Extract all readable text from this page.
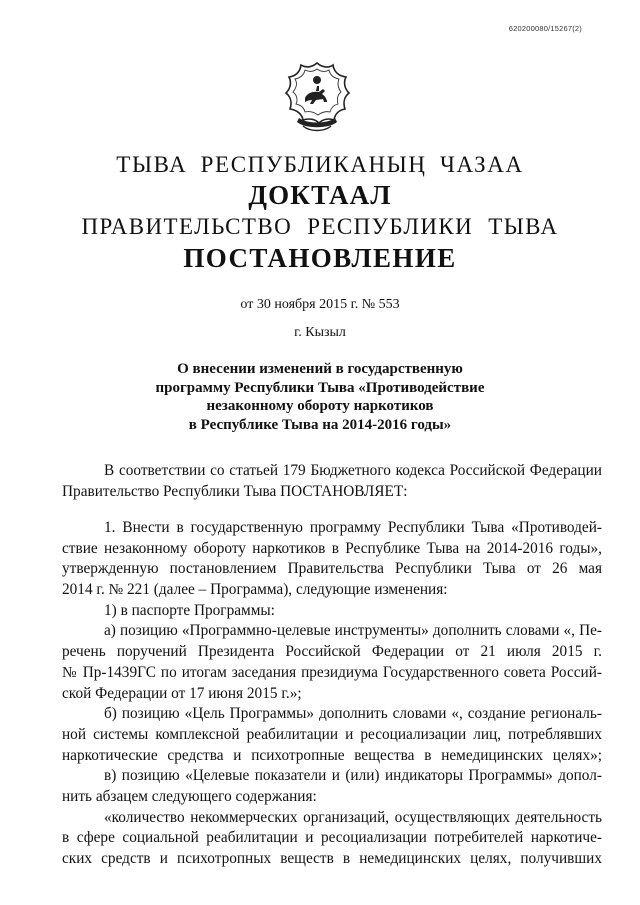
620200080/15267(2)
ТЫВА РЕСПУБЛИКАНЫҢ ЧАЗАА
ДОКТААЛ
ПРАВИТЕЛЬСТВО РЕСПУБЛИКИ ТЫВА
ПОСТАНОВЛЕНИЕ
от 30 ноября 2015 г. № 553
г. Кызыл
О внесении изменений в государственную
программу Республики Тыва «Противодействие
незаконному обороту наркотиков
в Республике Тыва на 2014-2016 годы»
В соответствии со статьей 179 Бюджетного кодекса Российской Федерации
Правительство Республики Тыва ПОСТАНОВЛЯЕТ:
1. Внести в государственную программу Республики Тыва «Противодей-
ствие незаконному обороту наркотиков в Республике Тыва на 2014-2016 годы»,
утвержденную постановлением Правительства Республики Тыва от 26 мая
2014 г. № 221 (далее – Программа), следующие изменения:
1) в паспорте Программы:
а) позицию «Программно-целевые инструменты» дополнить словами «, Пе-
речень поручений Президента Российской Федерации от 21 июля 2015 г.
№ Пр-1439ГС по итогам заседания президиума Государственного совета Россий-
ской Федерации от 17 июня 2015 г.»;
б) позицию «Цель Программы» дополнить словами «, создание региональ-
ной системы комплексной реабилитации и ресоциализации лиц, потреблявших
наркотические средства и психотропные вещества в немедицинских целях»;
в) позицию «Целевые показатели и (или) индикаторы Программы» допол-
нить абзацем следующего содержания:
«количество некоммерческих организаций, осуществляющих деятельность
в сфере социальной реабилитации и ресоциализации потребителей наркотиче-
ских средств и психотропных веществ в немедицинских целях, получивших
